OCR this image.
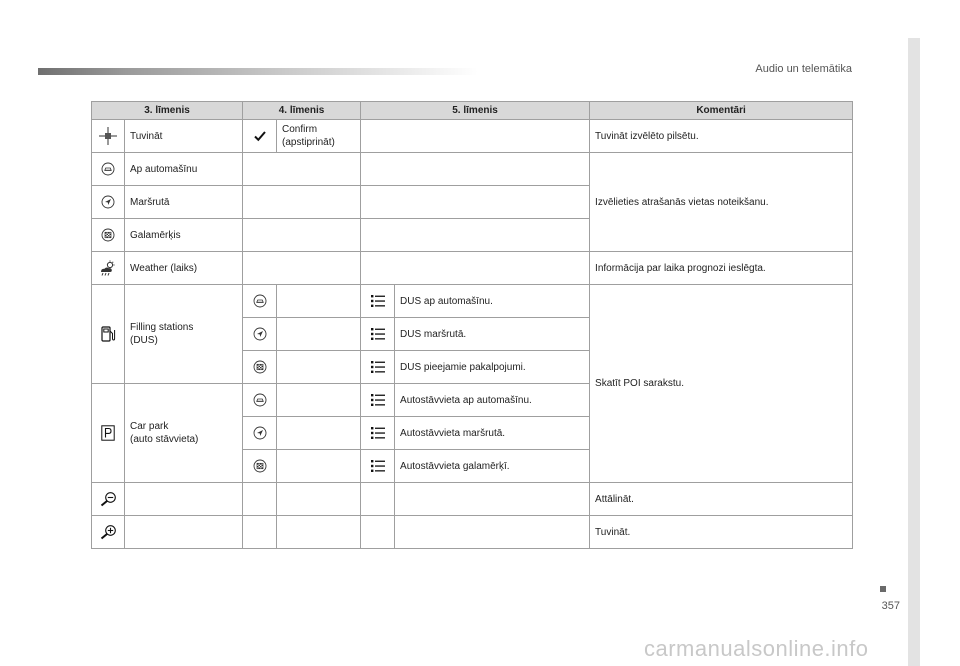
Audio un telemātika
3. līmenis		4. līmenis		5. līmenis		Komentāri

	Tuvināt		Confirm
(apstiprināt)			Tuvināt izvēlēto pilsētu.

	Ap automašīnu					Izvēlieties atrašanās vietas noteikšanu.

	Maršrutā					

	Galamērķis					

	Weather (laiks)					Informācija par laika prognozi ieslēgta.

	Filling stations
(DUS)				DUS ap automašīnu.	Skatīt POI sarakstu.

	DUS maršrutā.	

	DUS pieejamie pakalpojumi.	

	Car park
(auto stāvvieta)				Autostāvvieta ap automašīnu.	

	Autostāvvieta maršrutā.	

	Autostāvvieta galamērķī.	

						Attālināt.

						Tuvināt.
357
carmanualsonline.info
